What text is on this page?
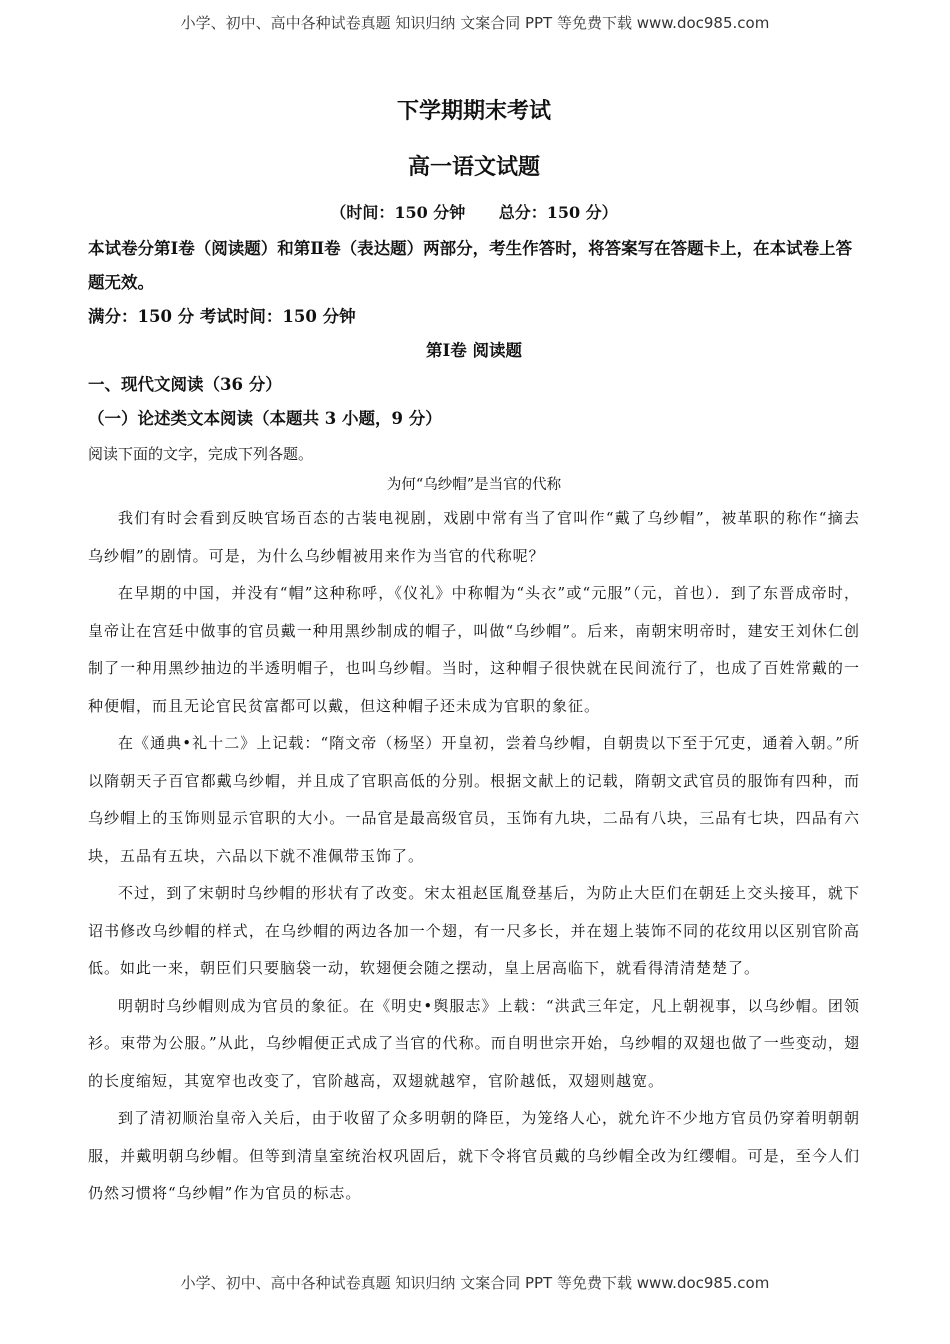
小学、初中、高中各种试卷真题 知识归纳 文案合同 PPT 等免费下载 www.doc985.com
下学期期末考试
高一语文试题
（时间：150 分钟      总分：150 分）
本试卷分第Ⅰ卷（阅读题）和第Ⅱ卷（表达题）两部分，考生作答时，将答案写在答题卡上，在本试卷上答题无效。
满分：150 分 考试时间：150 分钟
第Ⅰ卷 阅读题
一、现代文阅读（36 分）
（一）论述类文本阅读（本题共 3 小题，9 分）
阅读下面的文字，完成下列各题。
为何“乌纱帽”是当官的代称

我们有时会看到反映官场百态的古装电视剧，戏剧中常有当了官叫作“戴了乌纱帽”，被革职的称作“摘去乌纱帽”的剧情。可是，为什么乌纱帽被用来作为当官的代称呢？

在早期的中国，并没有“帽”这种称呼，《仪礼》中称帽为“头衣”或“元服”（元，首也）．到了东晋成帝时，皇帝让在宫廷中做事的官员戴一种用黑纱制成的帽子，叫做“乌纱帽”。后来，南朝宋明帝时，建安王刘休仁创制了一种用黑纱抽边的半透明帽子，也叫乌纱帽。当时，这种帽子很快就在民间流行了，也成了百姓常戴的一种便帽，而且无论官民贫富都可以戴，但这种帽子还未成为官职的象征。

在《通典•礼十二》上记载：“隋文帝（杨坚）开皇初，尝着乌纱帽，自朝贵以下至于冗吏，通着入朝。”所以隋朝天子百官都戴乌纱帽，并且成了官职高低的分别。根据文献上的记载，隋朝文武官员的服饰有四种，而乌纱帽上的玉饰则显示官职的大小。一品官是最高级官员，玉饰有九块，二品有八块，三品有七块，四品有六块，五品有五块，六品以下就不准佩带玉饰了。

不过，到了宋朝时乌纱帽的形状有了改变。宋太祖赵匡胤登基后，为防止大臣们在朝廷上交头接耳，就下诏书修改乌纱帽的样式，在乌纱帽的两边各加一个翅，有一尺多长，并在翅上装饰不同的花纹用以区别官阶高低。如此一来，朝臣们只要脑袋一动，软翅便会随之摆动，皇上居高临下，就看得清清楚楚了。

明朝时乌纱帽则成为官员的象征。在《明史•舆服志》上载：“洪武三年定，凡上朝视事，以乌纱帽。团领衫。束带为公服。”从此，乌纱帽便正式成了当官的代称。而自明世宗开始，乌纱帽的双翅也做了一些变动，翅的长度缩短，其宽窄也改变了，官阶越高，双翅就越窄，官阶越低，双翅则越宽。

到了清初顺治皇帝入关后，由于收留了众多明朝的降臣，为笼络人心，就允许不少地方官员仍穿着明朝朝服，并戴明朝乌纱帽。但等到清皇室统治权巩固后，就下令将官员戴的乌纱帽全改为红缨帽。可是，至今人们仍然习惯将“乌纱帽”作为官员的标志。

小学、初中、高中各种试卷真题 知识归纳 文案合同 PPT 等免费下载 www.doc985.com
